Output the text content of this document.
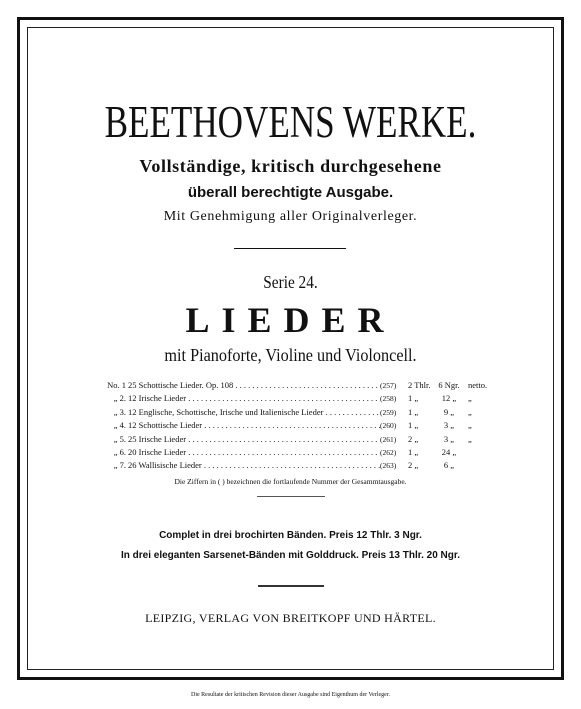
BEETHOVENS WERKE.
Vollständige, kritisch durchgesehene
überall berechtigte Ausgabe.
Mit Genehmigung aller Originalverleger.
Serie 24.
LIEDER
mit Pianoforte, Violine und Violoncell.
No. 1 25 Schottische Lieder. Op. 108 . . .	(257)	2 Thlr. 6 Ngr. netto.
„ 2. 12 Irische Lieder . . .	(258)	1 „	12 „	„
„ 3. 12 Englische, Schottische, Irische und Italienische Lieder . . .	(259)	1 „	9 „	„
„ 4. 12 Schottische Lieder . . .	(260)	1 „	3 „	„
„ 5. 25 Irische Lieder . . .	(261)	2 „	3 „	„
„ 6. 20 Irische Lieder . . .	(262)	1 „	24 „
„ 7. 26 Wallisische Lieder . . .	(263)	2 „	6 „
Die Ziffern in ( ) bezeichnen die fortlaufende Nummer der Gesammtausgabe.
Complet in drei brochirten Bänden. Preis 12 Thlr. 3 Ngr.
In drei eleganten Sarsenet-Bänden mit Golddruck. Preis 13 Thlr. 20 Ngr.
LEIPZIG, VERLAG VON BREITKOPF UND HÄRTEL.
Die Resultate der kritischen Revision dieser Ausgabe sind Eigenthum der Verleger.
